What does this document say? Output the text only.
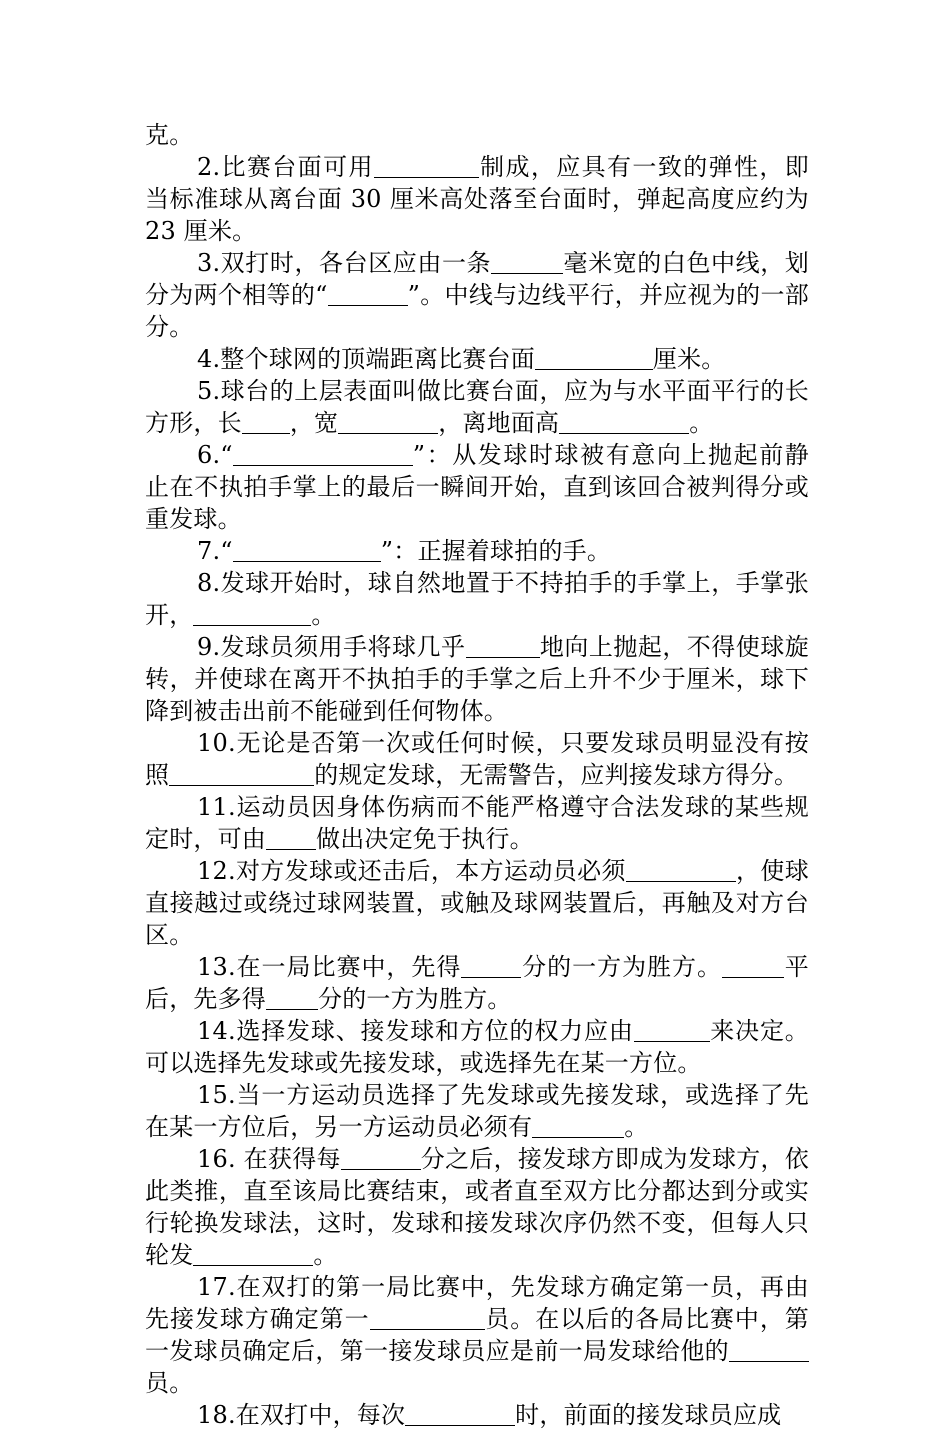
克。

2.比赛台面可用	制成，应具有一致的弹性，即当标准球从离台面 30 厘米高处落至台面时，弹起高度应约为 23 厘米。

3.双打时，各台区应由一条	毫米宽的白色中线，划分为两个相等的“	”。中线与边线平行，并应视为的一部分。

4.整个球网的顶端距离比赛台面	厘米。

5.球台的上层表面叫做比赛台面，应为与水平面平行的长方形，长 ，宽	，离地面高	。

6.“	”：从发球时球被有意向上抛起前静止在不执拍手掌上的最后一瞬间开始，直到该回合被判得分或重发球。

7.“	”：正握着球拍的手。

8.发球开始时，球自然地置于不持拍手的手掌上，手掌张开，	。

9.发球员须用手将球几乎	地向上抛起，不得使球旋转，并使球在离开不执拍手的手掌之后上升不少于厘米，球下降到被击出前不能碰到任何物体。

10.无论是否第一次或任何时候，只要发球员明显没有按照	的规定发球，无需警告，应判接发球方得分。

11.运动员因身体伤病而不能严格遵守合法发球的某些规定时，可由 做出决定免于执行。

12.对方发球或还击后，本方运动员必须	，使球直接越过或绕过球网装置，或触及球网装置后，再触及对方台区。

13.在一局比赛中，先得	分的一方为胜方。	平后，先多得 分的一方为胜方。

14.选择发球、接发球和方位的权力应由	来决定。可以选择先发球或先接发球，或选择先在某一方位。

15.当一方运动员选择了先发球或先接发球，或选择了先在某一方位后，另一方运动员必须有	。

16. 在获得每	分之后，接发球方即成为发球方，依此类推，直至该局比赛结束，或者直至双方比分都达到分或实行轮换发球法，这时，发球和接发球次序仍然不变，但每人只轮发	。

17.在双打的第一局比赛中，先发球方确定第一员，再由先接发球方确定第一	员。在以后的各局比赛中，第一发球员确定后，第一接发球员应是前一局发球给他的员。

18.在双打中，每次	时，前面的接发球员应成
